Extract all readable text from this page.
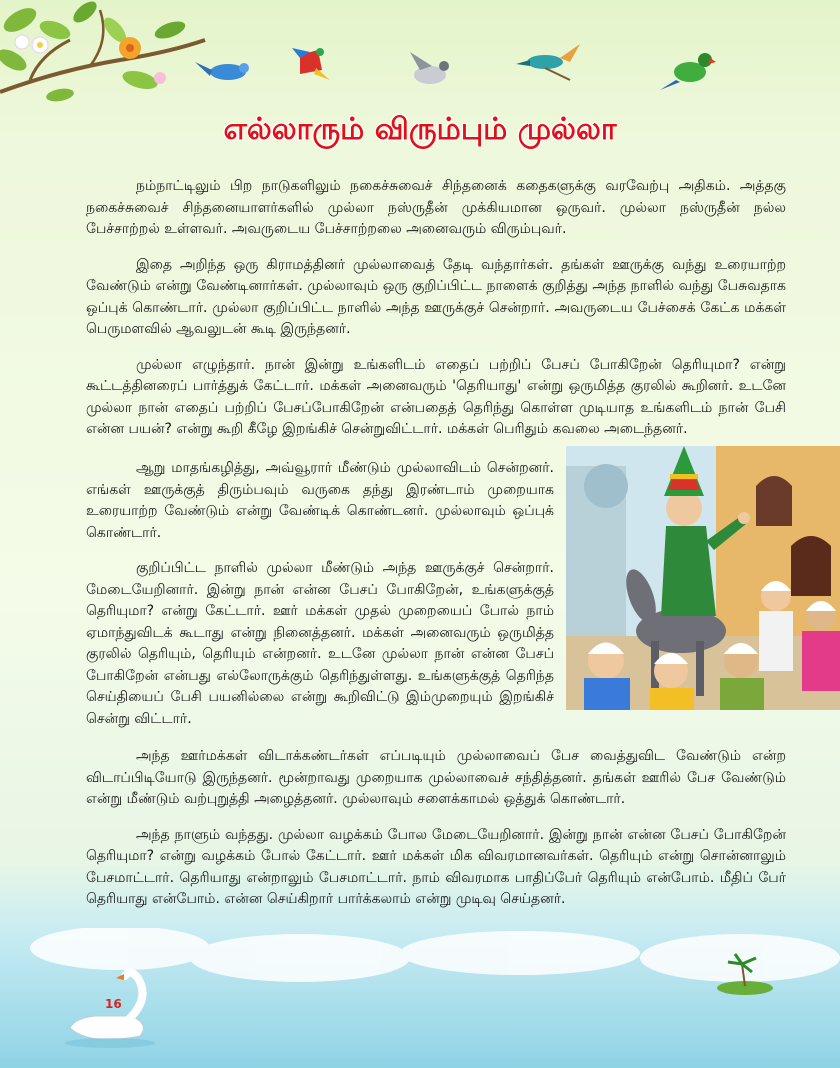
எல்லாரும் விரும்பும் முல்லா

நம்நாட்டிலும் பிற நாடுகளிலும் நகைச்சுவைச் சிந்தனைக் கதைகளுக்கு வரவேற்பு அதிகம். அத்தகு நகைச்சுவைச் சிந்தனையாளர்களில் முல்லா நஸ்ருதீன் முக்கியமான ஒருவர். முல்லா நஸ்ருதீன் நல்ல பேச்சாற்றல் உள்ளவர். அவருடைய பேச்சாற்றலை அனைவரும் விரும்புவர்.

இதை அறிந்த ஒரு கிராமத்தினர் முல்லாவைத் தேடி வந்தார்கள். தங்கள் ஊருக்கு வந்து உரையாற்ற வேண்டும் என்று வேண்டினார்கள். முல்லாவும் ஒரு குறிப்பிட்ட நாளைக் குறித்து அந்த நாளில் வந்து பேசுவதாக ஒப்புக் கொண்டார். முல்லா குறிப்பிட்ட நாளில் அந்த ஊருக்குச் சென்றார். அவருடைய பேச்சைக் கேட்க மக்கள் பெருமளவில் ஆவலுடன் கூடி இருந்தனர்.

முல்லா எழுந்தார். நான் இன்று உங்களிடம் எதைப் பற்றிப் பேசப் போகிறேன் தெரியுமா? என்று கூட்டத்தினரைப் பார்த்துக் கேட்டார். மக்கள் அனைவரும் 'தெரியாது' என்று ஒருமித்த குரலில் கூறினர். உடனே முல்லா நான் எதைப் பற்றிப் பேசப்போகிறேன் என்பதைத் தெரிந்து கொள்ள முடியாத உங்களிடம் நான் பேசி என்ன பயன்? என்று கூறி கீழே இறங்கிச் சென்றுவிட்டார். மக்கள் பெரிதும் கவலை அடைந்தனர்.

ஆறு மாதங்கழித்து, அவ்வூரார் மீண்டும் முல்லாவிடம் சென்றனர். எங்கள் ஊருக்குத் திரும்பவும் வருகை தந்து இரண்டாம் முறையாக உரையாற்ற வேண்டும் என்று வேண்டிக் கொண்டனர். முல்லாவும் ஒப்புக் கொண்டார்.

குறிப்பிட்ட நாளில் முல்லா மீண்டும் அந்த ஊருக்குச் சென்றார். மேடையேறினார். இன்று நான் என்ன பேசப் போகிறேன், உங்களுக்குத் தெரியுமா? என்று கேட்டார். ஊர் மக்கள் முதல் முறையைப் போல் நாம் ஏமாந்துவிடக் கூடாது என்று நினைத்தனர். மக்கள் அனைவரும் ஒருமித்த குரலில் தெரியும், தெரியும் என்றனர். உடனே முல்லா நான் என்ன பேசப் போகிறேன் என்பது எல்லோருக்கும் தெரிந்துள்ளது. உங்களுக்குத் தெரிந்த செய்தியைப் பேசி பயனில்லை என்று கூறிவிட்டு இம்முறையும் இறங்கிச் சென்று விட்டார்.

அந்த ஊர்மக்கள் விடாக்கண்டர்கள் எப்படியும் முல்லாவைப் பேச வைத்துவிட வேண்டும் என்ற விடாப்பிடியோடு இருந்தனர். மூன்றாவது முறையாக முல்லாவைச் சந்தித்தனர். தங்கள் ஊரில் பேச வேண்டும் என்று மீண்டும் வற்புறுத்தி அழைத்தனர். முல்லாவும் சளைக்காமல் ஒத்துக் கொண்டார்.

அந்த நாளும் வந்தது. முல்லா வழக்கம் போல மேடையேறினார். இன்று நான் என்ன பேசப் போகிறேன் தெரியுமா? என்று வழக்கம் போல் கேட்டார். ஊர் மக்கள் மிக விவரமானவர்கள். தெரியும் என்று சொன்னாலும் பேசமாட்டார். தெரியாது என்றாலும் பேசமாட்டார். நாம் விவரமாக பாதிப்பேர் தெரியும் என்போம். மீதிப் பேர் தெரியாது என்போம். என்ன செய்கிறார் பார்க்கலாம் என்று முடிவு செய்தனர்.

16
